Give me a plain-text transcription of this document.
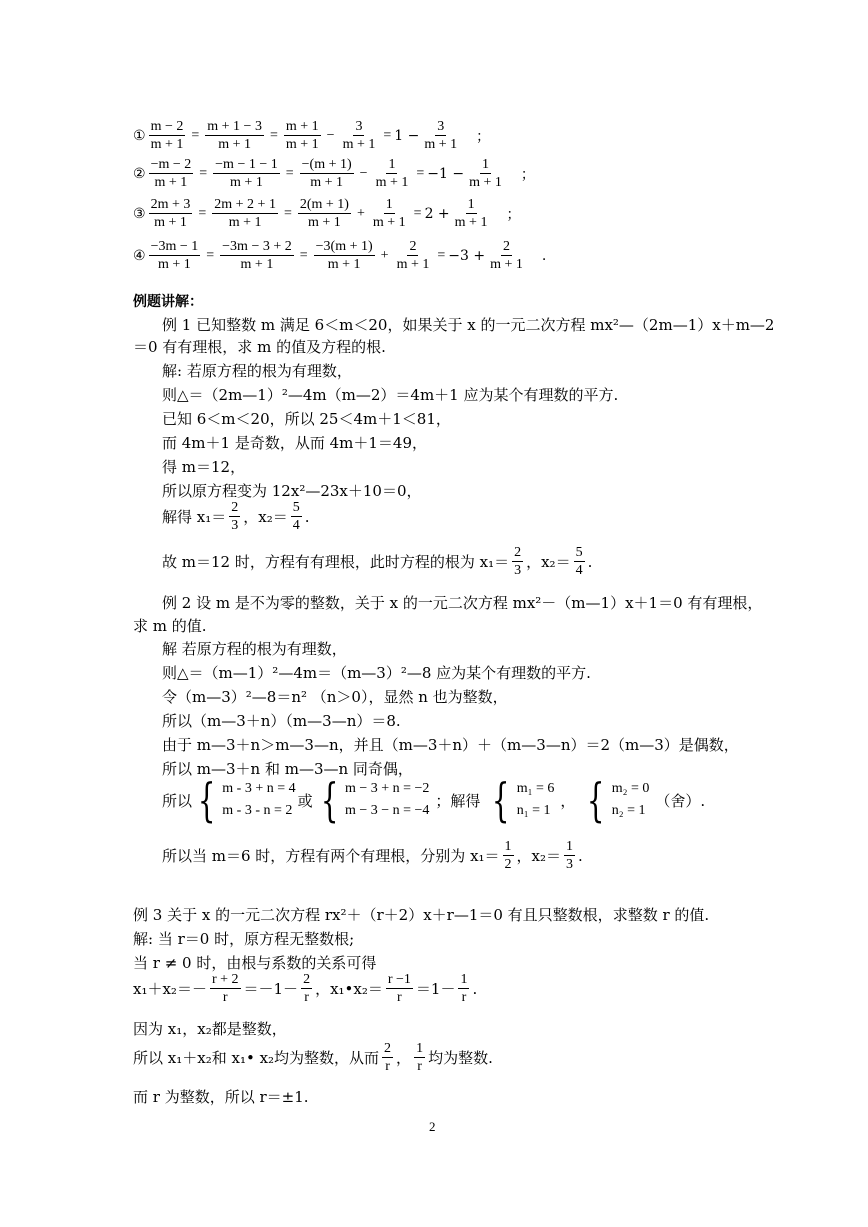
① $\frac{m - 2}{m + 1} = \frac{m + 1 - 3}{m + 1} = \frac{m + 1}{m + 1} - \frac{3}{m + 1} = 1 - \frac{3}{m + 1}$ ；
② $\frac{-m - 2}{m + 1} = \frac{-m - 1 - 1}{m + 1} = \frac{-(m + 1)}{m + 1} - \frac{1}{m + 1} = -1 - \frac{1}{m + 1}$ ；
③ $\frac{2m + 3}{m + 1} = \frac{2m + 2 + 1}{m + 1} = \frac{2(m + 1)}{m + 1} + \frac{1}{m + 1} = 2 + \frac{1}{m + 1}$ ；
④ $\frac{-3m - 1}{m + 1} = \frac{-3m - 3 + 2}{m + 1} = \frac{-3(m + 1)}{m + 1} + \frac{2}{m + 1} = -3 + \frac{2}{m + 1}$ .
例题讲解：
例 1 已知整数 m 满足 6＜m＜20，如果关于 x 的一元二次方程 mx²—（2m—1）x＋m—2
＝0 有有理根，求 m 的值及方程的根.
解: 若原方程的根为有理数，
则△＝（2m—1）²—4m（m—2）＝4m＋1 应为某个有理数的平方.
已知 6＜m＜20，所以 25＜4m＋1＜81，
而 4m＋1 是奇数，从而 4m＋1＝49，
得 m＝12，
所以原方程变为 12x²—23x＋10＝0，
解得 $x_1= \frac{2}{3}$ ，$x_2= \frac{5}{4}$ .
故 m＝12 时，方程有有理根，此时方程的根为 $x_1= \frac{2}{3}$ ，$x_2= \frac{5}{4}$ .
例 2 设 m 是不为零的整数，关于 x 的一元二次方程 mx²－（m—1）x＋1＝0 有有理根，
求 m 的值.
解 若原方程的根为有理数，
则△＝（m—1）²—4m＝（m—3）²—8 应为某个有理数的平方.
令（m—3）²—8＝n² （n＞0），显然 n 也为整数，
所以（m—3＋n）（m—3—n）＝8.
由于 m—3＋n＞m—3—n，并且（m—3＋n）＋（m—3—n）＝2（m—3）是偶数，
所以 m—3＋n 和 m—3—n 同奇偶，
所以 { m - 3 + n = 4
m - 3 - n = 2
或 { m − 3 + n = −2
m − 3 − n = −4
；解得 { m₁ = 6
n₁ = 1
， { m₂ = 0
n₂ = 1
（舍）.
所以当 m＝6 时，方程有两个有理根，分别为 $x_1= \frac{1}{2}$ ，$x_2= \frac{1}{3}$ .
例 3 关于 x 的一元二次方程 rx²＋（r＋2）x＋r—1＝0 有且只整数根，求整数 r 的值.
解: 当 r＝0 时，原方程无整数根;
当 r ≠ 0 时，由根与系数的关系可得
$x_1+x_2=- \frac{r + 2}{r} =-1- \frac{2}{r}$ ，x₁•x₂＝ $\frac{r -1}{r} =1- \frac{1}{r}$ .
因为 x₁，x₂都是整数，
所以 x₁＋x₂和 x₁• x₂均为整数，从而 $\frac{2}{r}$ ， $\frac{1}{r}$ 均为整数.
而 r 为整数，所以 r＝±1.
2
